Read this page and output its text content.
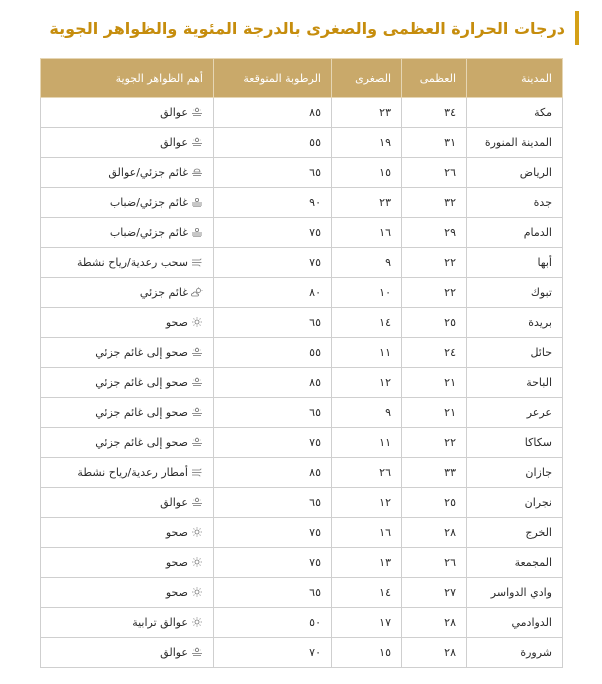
درجات الحرارة العظمى والصغرى بالدرجة المئوية والظواهر الجوية
المدينة	العظمى	الصغرى	الرطوبة المتوقعة	أهم الظواهر الجوية
مكة	٣٤	٢٣	٨٥	عوالق
المدينة المنورة	٣١	١٩	٥٥	عوالق
الرياض	٢٦	١٥	٦٥	غائم جزئي/عوالق
جدة	٣٢	٢٣	٩٠	غائم جزئي/ضباب
الدمام	٢٩	١٦	٧٥	غائم جزئي/ضباب
أبها	٢٢	٩	٧٥	سحب رعدية/رياح نشطة
تبوك	٢٢	١٠	٨٠	غائم جزئي
بريدة	٢٥	١٤	٦٥	صحو
حائل	٢٤	١١	٥٥	صحو إلى غائم جزئي
الباحة	٢١	١٢	٨٥	صحو إلى غائم جزئي
عرعر	٢١	٩	٦٥	صحو إلى غائم جزئي
سكاكا	٢٢	١١	٧٥	صحو إلى غائم جزئي
جازان	٣٣	٢٦	٨٥	أمطار رعدية/رياح نشطة
نجران	٢٥	١٢	٦٥	عوالق
الخرج	٢٨	١٦	٧٥	صحو
المجمعة	٢٦	١٣	٧٥	صحو
وادي الدواسر	٢٧	١٤	٦٥	صحو
الدوادمي	٢٨	١٧	٥٠	عوالق ترابية
شرورة	٢٨	١٥	٧٠	عوالق
